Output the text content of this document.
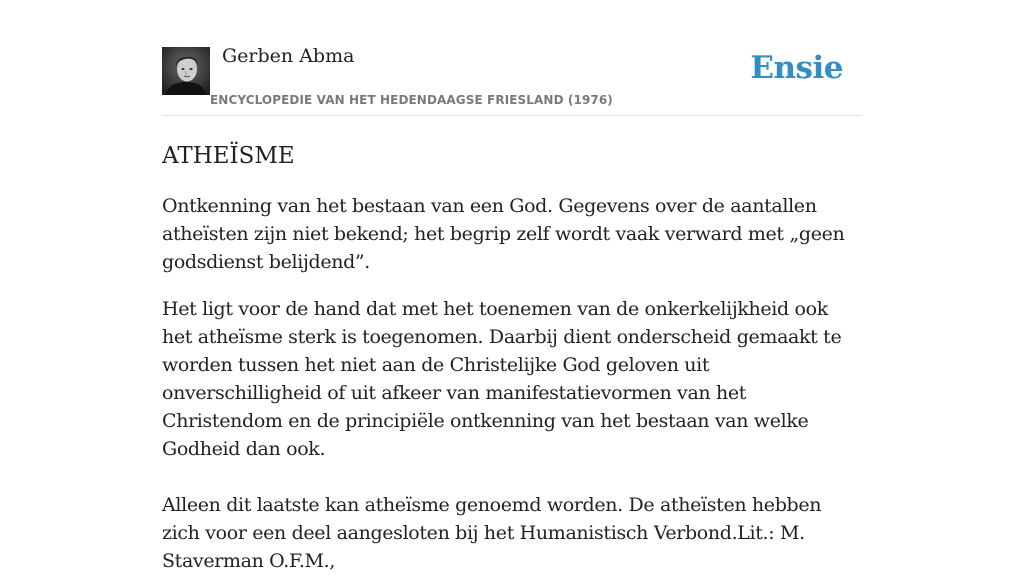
Gerben Abma
ENCYCLOPEDIE VAN HET HEDENDAAGSE FRIESLAND (1976)
Ensie
ATHEÏSME

Ontkenning van het bestaan van een God. Gegevens over de aantallen atheïsten zijn niet bekend; het begrip zelf wordt vaak verward met „geen godsdienst belijdend”.

Het ligt voor de hand dat met het toenemen van de onkerkelijkheid ook het atheïsme sterk is toegenomen. Daarbij dient onderscheid gemaakt te worden tussen het niet aan de Christelijke God geloven uit onverschilligheid of uit afkeer van manifestatievormen van het Christendom en de principiële ontkenning van het bestaan van welke Godheid dan ook.

Alleen dit laatste kan atheïsme genoemd worden. De atheïsten hebben zich voor een deel aangesloten bij het Humanistisch Verbond.Lit.: M. Staverman O.F.M.,
